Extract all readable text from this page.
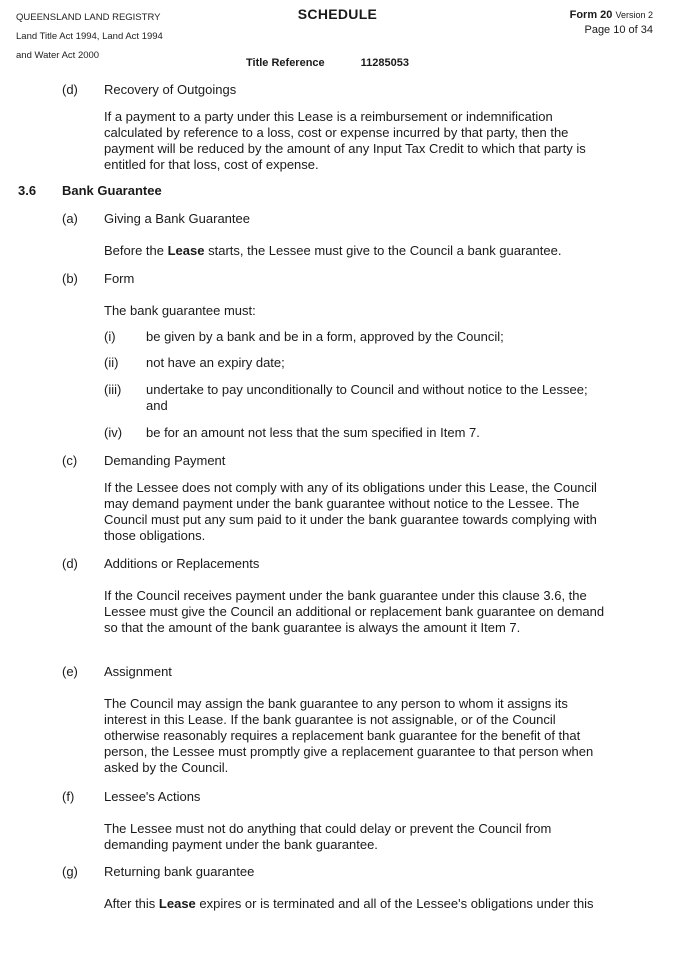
QUEENSLAND LAND REGISTRY
Land Title Act 1994, Land Act 1994
and Water Act 2000
SCHEDULE	Form 20 Version 2
Page 10 of 34
Title Reference	11285053
(d) Recovery of Outgoings
If a payment to a party under this Lease is a reimbursement or indemnification
calculated by reference to a loss, cost or expense incurred by that party, then the
payment will be reduced by the amount of any Input Tax Credit to which that party is
entitled for that loss, cost of expense.
3.6 Bank Guarantee
(a) Giving a Bank Guarantee
Before the Lease starts, the Lessee must give to the Council a bank guarantee.
(b) Form
The bank guarantee must:
(i) be given by a bank and be in a form, approved by the Council;
(ii) not have an expiry date;
(iii) undertake to pay unconditionally to Council and without notice to the Lessee;
and
(iv) be for an amount not less that the sum specified in Item 7.
(c) Demanding Payment
If the Lessee does not comply with any of its obligations under this Lease, the Council
may demand payment under the bank guarantee without notice to the Lessee. The
Council must put any sum paid to it under the bank guarantee towards complying with
those obligations.
(d) Additions or Replacements
If the Council receives payment under the bank guarantee under this clause 3.6, the
Lessee must give the Council an additional or replacement bank guarantee on demand
so that the amount of the bank guarantee is always the amount it Item 7.
(e) Assignment
The Council may assign the bank guarantee to any person to whom it assigns its
interest in this Lease. If the bank guarantee is not assignable, or of the Council
otherwise reasonably requires a replacement bank guarantee for the benefit of that
person, the Lessee must promptly give a replacement guarantee to that person when
asked by the Council.
(f) Lessee's Actions
The Lessee must not do anything that could delay or prevent the Council from
demanding payment under the bank guarantee.
(g) Returning bank guarantee
After this Lease expires or is terminated and all of the Lessee's obligations under this
